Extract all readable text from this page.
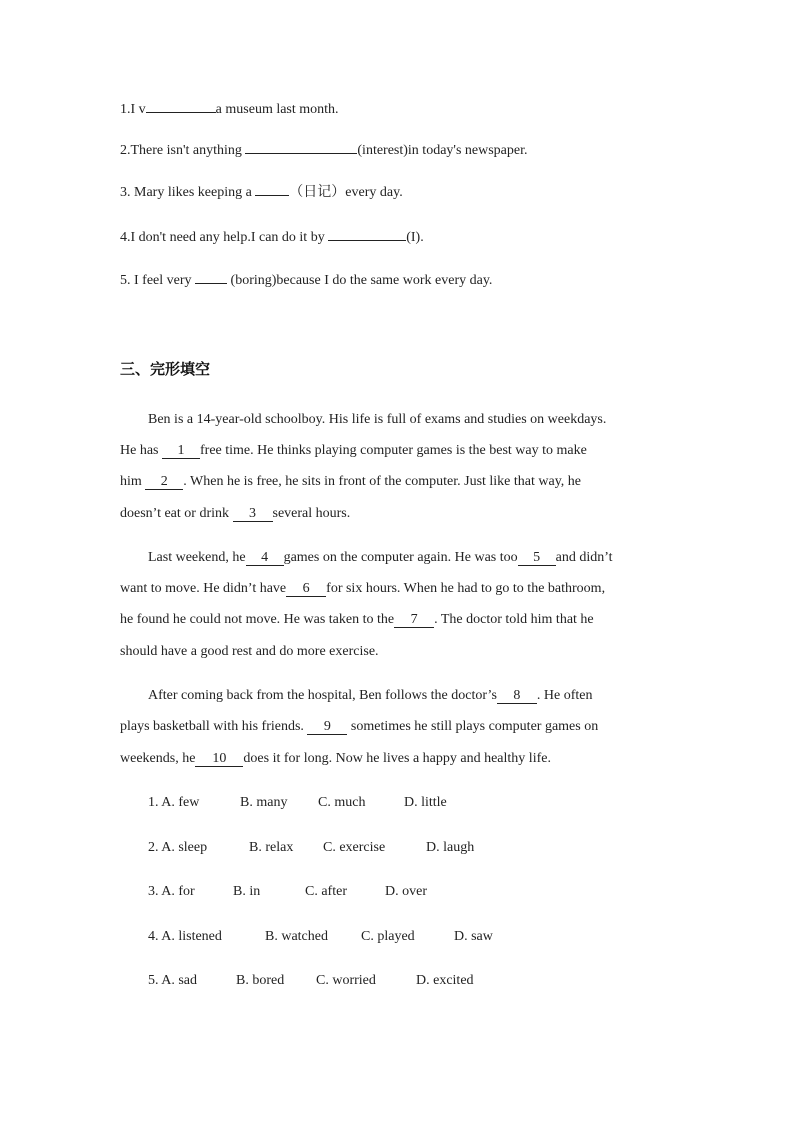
1.I v	a museum last month.
2.There isn't anything	(interest)in today's newspaper.
3. Mary likes keeping a （日记）every day.
4.I don't need any help.I can do it by	(I).
5. I feel very  (boring)because I do the same work every day.
三、完形填空
Ben is a 14-year-old schoolboy. His life is full of exams and studies on weekdays.
He has 1 free time. He thinks playing computer games is the best way to make
him 2 . When he is free, he sits in front of the computer. Just like that way, he
doesn’t eat or drink 3 several hours.
Last weekend, he 4 games on the computer again. He was too 5 and didn’t
want to move. He didn’t have 6 for six hours. When he had to go to the bathroom,
he found he could not move. He was taken to the 7 . The doctor told him that he
should have a good rest and do more exercise.
After coming back from the hospital, Ben follows the doctor’s 8 . He often
plays basketball with his friends. 9 sometimes he still plays computer games on
weekends, he 10 does it for long. Now he lives a happy and healthy life.
1. A. few	B. many C. much	D. little
2. A. sleep	B. relax C. exercise	D. laugh
3. A. for	B. in	C. after	D. over
4. A. listened	B. watched C. played	D. saw
5. A. sad	B. bored C. worried	D. excited
